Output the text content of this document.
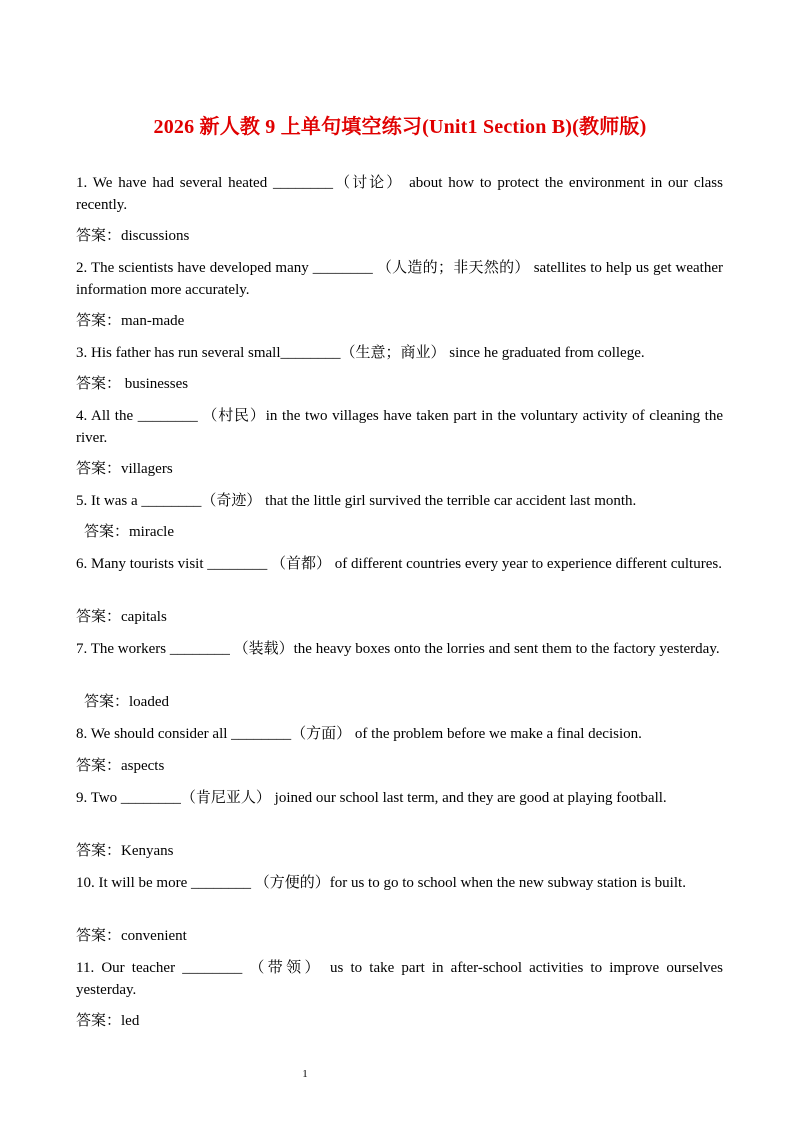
2026 新人教 9 上单句填空练习(Unit1 Section B)(教师版)
1. We have had several heated ________（讨论） about how to protect the environment in our class recently.
答案：discussions
2. The scientists have developed many ________ （人造的；非天然的） satellites to help us get weather information more accurately.
答案：man-made
3. His father has run several small________（生意；商业） since he graduated from college.
答案： businesses
4. All the ________ （村民）in the two villages have taken part in the voluntary activity of cleaning the river.
答案：villagers
5. It was a ________（奇迹） that the little girl survived the terrible car accident last month.
答案：miracle
6. Many tourists visit ________ （首都） of different countries every year to experience different cultures.
答案：capitals
7. The workers ________ （装载）the heavy boxes onto the lorries and sent them to the factory yesterday.
答案：loaded
8. We should consider all ________（方面） of the problem before we make a final decision.
答案：aspects
9. Two ________（肯尼亚人） joined our school last term, and they are good at playing football.
答案：Kenyans
10. It will be more ________ （方便的）for us to go to school when the new subway station is built.
答案：convenient
11. Our teacher ________ （带领） us to take part in after-school activities to improve ourselves yesterday.
答案：led
1
